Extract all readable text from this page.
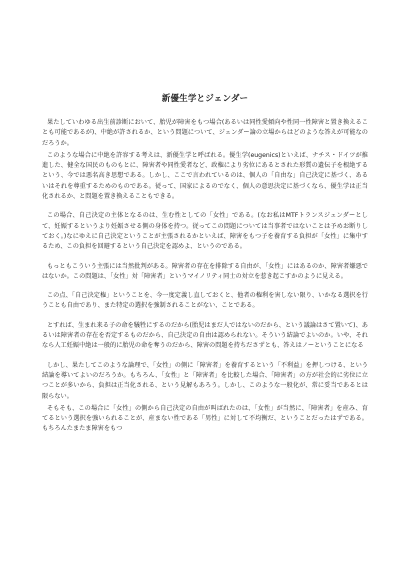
新優生学とジェンダー

果たしていわゆる出生前診断において、胎児が障害をもつ場合(あるいは同性愛傾向や性同一性障害と置き換えることも可能であるが)、中絶が許されるか、という問題について、ジェンダー論の立場からはどのような答えが可能なのだろうか。

このような場合に中絶を許容する考えは、新優生学と呼ばれる。優生学(eugenics)といえば、ナチス・ドイツが推進した、健全な国民のものもとに、障害者や同性愛者など、政権により劣位にあるとされた形質の遺伝子を根絶するという、今では悪名高き思想である。しかし、ここで言われているのは、個人の「自由な」自己決定に基づく、あるいはそれを尊重するためのものである。従って、国家によるのでなく、個人の意思決定に基づくなら、優生学は正当化されるか、と問題を置き換えることもできる。

この場合、自己決定の主体となるのは、生む性としての「女性」である。(なお私はMTFトランスジェンダーとして、妊娠するというより妊娠させる側の身体を持つ。従ってこの問題については当事者ではないことは予めお断りしておく。)なにゆえに自己決定ということが主張されるかといえば、障害をもつ子を養育する負担が「女性」に集中するため、この負担を回避するという自己決定を認めよ、というのである。

もっともこういう主張には当然批判がある。障害者の存在を排除する自由が、「女性」にはあるのか、障害者嫌悪ではないか。この問題は、「女性」対「障害者」というマイノリティ同士の対立を惹き起こすかのように見える。

この点、「自己決定権」ということを、今一度定義し直しておくと、他者の権利を害しない限り、いかなる選択を行うことも自由であり、また特定の選択を強制されることがない、ことである。

とすれば、生まれ来る子の命を犠牲にするのだから(胎児はまだ人ではないのだから、という議論はさて置いて)、あるいは障害者の存在を否定するものだから、自己決定の自由は認められない。そういう結論でよいのか。いや、それなら人工妊娠中絶は一般的に胎児の命を奪うのだから、障害の問題を持ちださずとも、答えはノーということになる

しかし、果たしてこのような論理で、「女性」の側に「障害者」を養育するという「不利益」を押しつける、という結論を導いてよいのだろうか。もちろん、「女性」と「障害者」を比較した場合、「障害者」の方が社会的に劣位に立つことが多いから、負担は正当化される、という見解もあろう。しかし、このような一般化が、常に妥当であるとは限らない。

そもそも、この場合に「女性」の側から自己決定の自由が叫ばれたのは、「女性」が当然に、「障害者」を産み、育てるという選択を強いられることが、産まない性である「男性」に対して不均衡だ、ということだったはずである。もちろんたまたま障害をもつ
